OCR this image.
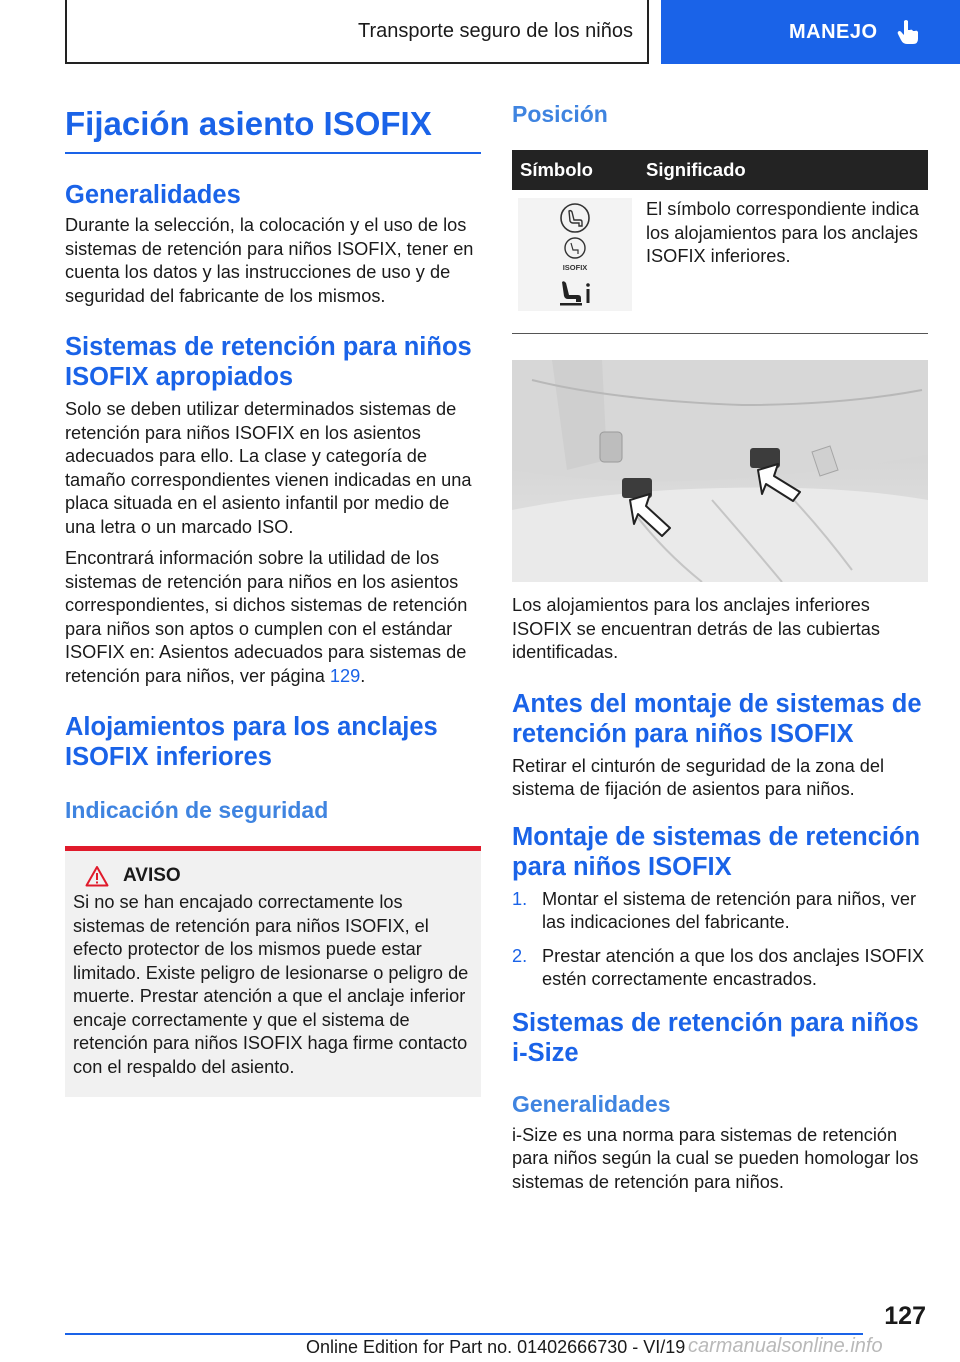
Transporte seguro de los niños	MANEJO
Fijación asiento ISOFIX
Generalidades

Durante la selección, la colocación y el uso de los sistemas de retención para niños ISOFIX, tener en cuenta los datos y las instrucciones de uso y de seguridad del fabricante de los mismos.

Sistemas de retención para niños ISOFIX apropiados

Solo se deben utilizar determinados sistemas de retención para niños ISOFIX en los asientos adecuados para ello. La clase y categoría de tamaño correspondientes vienen indicadas en una placa situada en el asiento infantil por medio de una letra o un marcado ISO.

Encontrará información sobre la utilidad de los sistemas de retención para niños en los asientos correspondientes, si dichos sistemas de retención para niños son aptos o cumplen con el estándar ISOFIX en: Asientos adecuados para sistemas de retención para niños, ver página 129.

Alojamientos para los anclajes ISOFIX inferiores
Indicación de seguridad
AVISO

Si no se han encajado correctamente los sistemas de retención para niños ISOFIX, el efecto protector de los mismos puede estar limitado. Existe peligro de lesionarse o peligro de muerte. Prestar atención a que el anclaje inferior encaje correctamente y que el sistema de retención para niños ISOFIX haga firme contacto con el respaldo del asiento.

Posición
Símbolo	Significado

ISOFIX	El símbolo correspondiente indica los alojamientos para los anclajes ISOFIX inferiores.

Los alojamientos para los anclajes inferiores ISOFIX se encuentran detrás de las cubiertas identificadas.

Antes del montaje de sistemas de retención para niños ISOFIX

Retirar el cinturón de seguridad de la zona del sistema de fijación de asientos para niños.

Montaje de sistemas de retención para niños ISOFIX
1. Montar el sistema de retención para niños, ver las indicaciones del fabricante.
2. Prestar atención a que los dos anclajes ISOFIX estén correctamente encastrados.
Sistemas de retención para niños i-Size
Generalidades

i-Size es una norma para sistemas de retención para niños según la cual se pueden homologar los sistemas de retención para niños.

127
Online Edition for Part no. 01402666730 - VI/19 carmanualsonline.info
